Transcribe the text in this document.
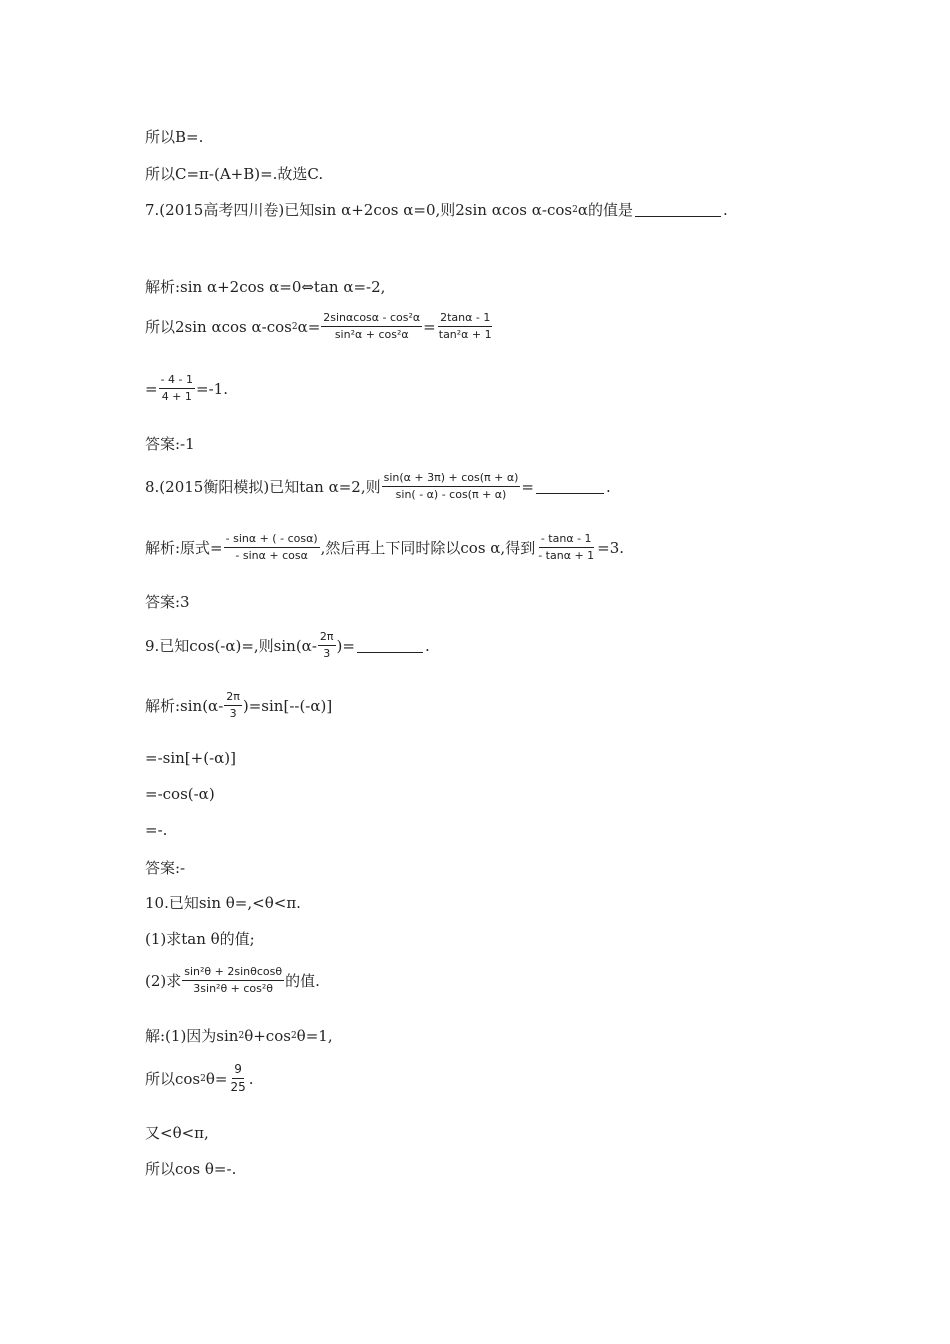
所以B=.
所以C=π-(A+B)=.故选C.
7.(2015高考四川卷)已知sin α+2cos α=0,则2sin αcos α-cos 2 α的值是	.
解析:sin α+2cos α=0⇔tan α=-2,
所以2sin αcos α-cos 2 $\alpha= \frac{\text{2sinαcosα - cos²α}}{\text{sin²α + cos²α}} = \frac{2\tan\alpha - 1}{\text{tan²α + 1}}$
= $\frac{- 4 - 1}{4 + 1} =-1$.
答案:-1
8.(2015衡阳模拟)已知tan α=2,则 $\frac{\sin(\alpha + 3\pi) + \cos(\pi + \alpha)}{\sin( - \alpha) - \cos(\pi + \alpha)}$ =	.
解析:原式= $\frac{- \sin\alpha + ( - \cos\alpha)}{- \sin\alpha + \cos\alpha}$ ,然后再上下同时除以cos α,得到 $\frac{- \tan\alpha - 1}{- \tan\alpha + 1} =3$.
答案:3
9.已知cos(-α)=,则$\sin(\alpha- \frac{2\pi}{3}$ )=	.
解析:sin(α- $\frac{2\pi}{3} )=\sin[--(-\alpha)]$
=-sin[+(-α)]
=-cos(-α)
=-.
答案:-
10.已知sin θ=,<θ<π.
(1)求tan θ的值;
(2)求 $\frac{\text{sin²θ + 2sinθcosθ}}{\text{3sin²θ + cos²θ}}$ 的值.
解:(1)因为sin 2 θ+cos 2 θ=1,
所以cos 2 $\theta= \frac{9}{25}$ .
又<θ<π,
所以cos θ=-.
